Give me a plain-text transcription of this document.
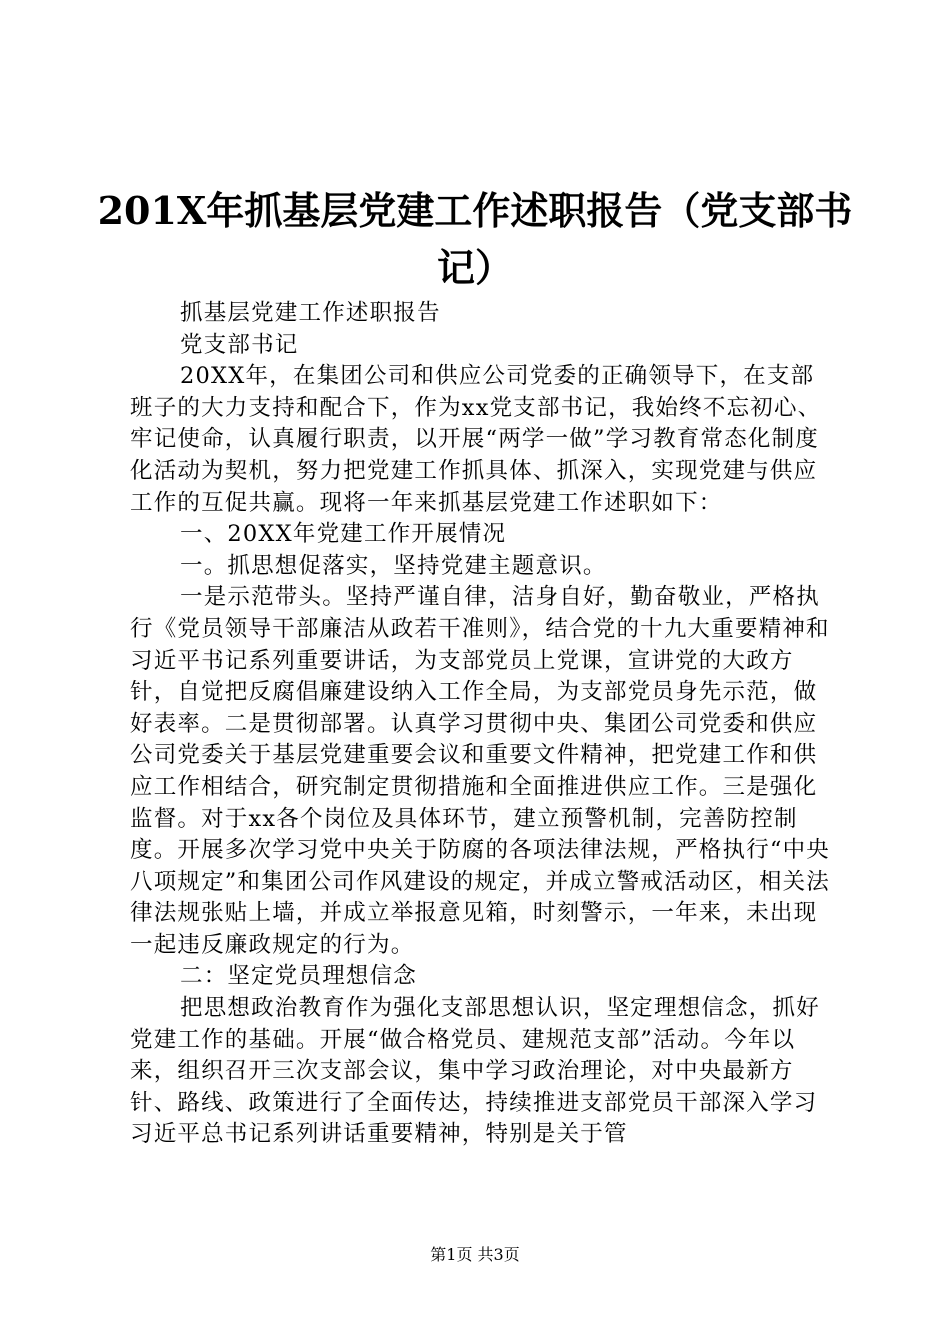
201X年抓基层党建工作述职报告（党支部书
记）

抓基层党建工作述职报告

党支部书记

20XX年，在集团公司和供应公司党委的正确领导下，在支部班子的大力支持和配合下，作为xx党支部书记，我始终不忘初心、牢记使命，认真履行职责，以开展“两学一做”学习教育常态化制度化活动为契机，努力把党建工作抓具体、抓深入，实现党建与供应工作的互促共赢。现将一年来抓基层党建工作述职如下：

一、20XX年党建工作开展情况

一。抓思想促落实，坚持党建主题意识。

一是示范带头。坚持严谨自律，洁身自好，勤奋敬业，严格执行《党员领导干部廉洁从政若干准则》，结合党的十九大重要精神和习近平书记系列重要讲话，为支部党员上党课，宣讲党的大政方针，自觉把反腐倡廉建设纳入工作全局，为支部党员身先示范，做好表率。二是贯彻部署。认真学习贯彻中央、集团公司党委和供应公司党委关于基层党建重要会议和重要文件精神，把党建工作和供应工作相结合，研究制定贯彻措施和全面推进供应工作。三是强化监督。对于xx各个岗位及具体环节，建立预警机制，完善防控制度。开展多次学习党中央关于防腐的各项法律法规，严格执行“中央八项规定”和集团公司作风建设的规定，并成立警戒活动区，相关法律法规张贴上墙，并成立举报意见箱，时刻警示，一年来，未出现一起违反廉政规定的行为。

二：坚定党员理想信念

把思想政治教育作为强化支部思想认识，坚定理想信念，抓好党建工作的基础。开展“做合格党员、建规范支部”活动。今年以来，组织召开三次支部会议，集中学习政治理论，对中央最新方针、路线、政策进行了全面传达，持续推进支部党员干部深入学习习近平总书记系列讲话重要精神，特别是关于管

第1页 共3页
